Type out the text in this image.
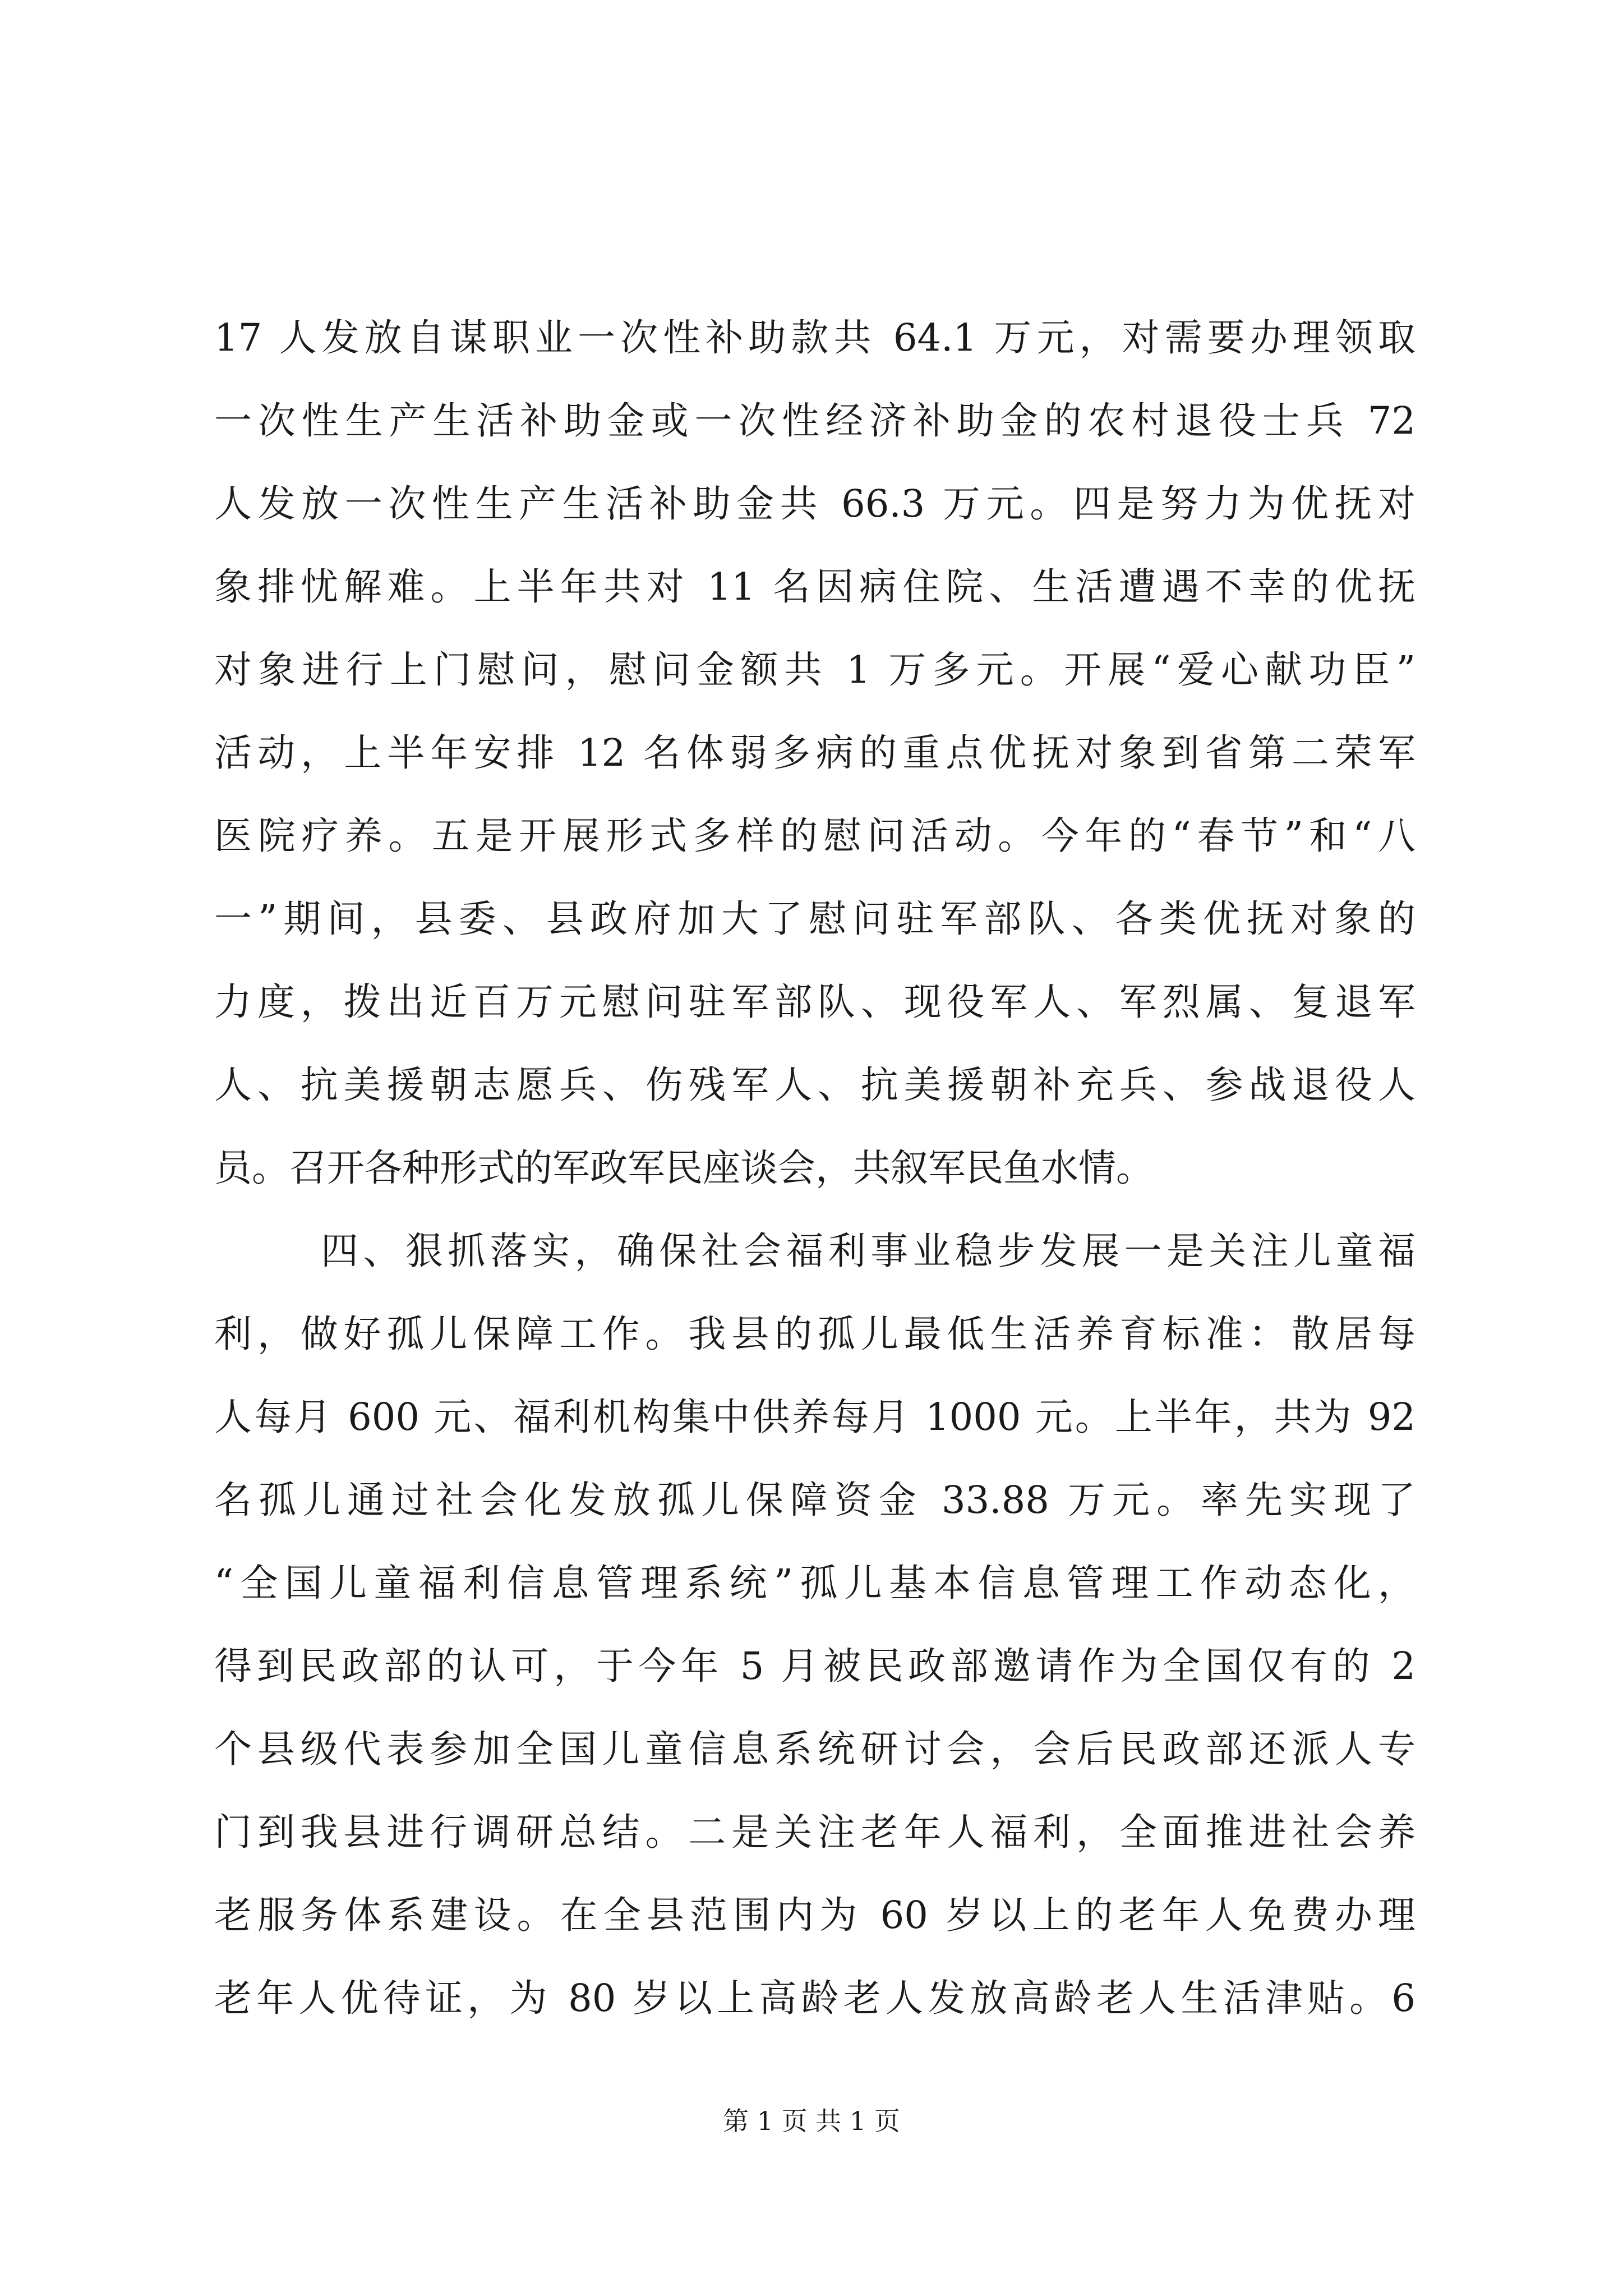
17 人发放自谋职业一次性补助款共 64.1 万元，对需要办理领取
一次性生产生活补助金或一次性经济补助金的农村退役士兵 72
人发放一次性生产生活补助金共 66.3 万元。四是努力为优抚对
象排忧解难。上半年共对 11 名因病住院、生活遭遇不幸的优抚
对象进行上门慰问，慰问金额共 1 万多元。开展“爱心献功臣”
活动，上半年安排 12 名体弱多病的重点优抚对象到省第二荣军
医院疗养。五是开展形式多样的慰问活动。今年的“春节”和“八
一”期间，县委、县政府加大了慰问驻军部队、各类优抚对象的
力度，拨出近百万元慰问驻军部队、现役军人、军烈属、复退军
人、抗美援朝志愿兵、伤残军人、抗美援朝补充兵、参战退役人
员。召开各种形式的军政军民座谈会，共叙军民鱼水情。
四、狠抓落实，确保社会福利事业稳步发展一是关注儿童福
利，做好孤儿保障工作。我县的孤儿最低生活养育标准：散居每
人每月 600 元、福利机构集中供养每月 1000 元。上半年，共为 92
名孤儿通过社会化发放孤儿保障资金 33.88 万元。率先实现了
“全国儿童福利信息管理系统”孤儿基本信息管理工作动态化，
得到民政部的认可，于今年 5 月被民政部邀请作为全国仅有的 2
个县级代表参加全国儿童信息系统研讨会，会后民政部还派人专
门到我县进行调研总结。二是关注老年人福利，全面推进社会养
老服务体系建设。在全县范围内为 60 岁以上的老年人免费办理
老年人优待证，为 80 岁以上高龄老人发放高龄老人生活津贴。6
第 1 页 共 1 页
